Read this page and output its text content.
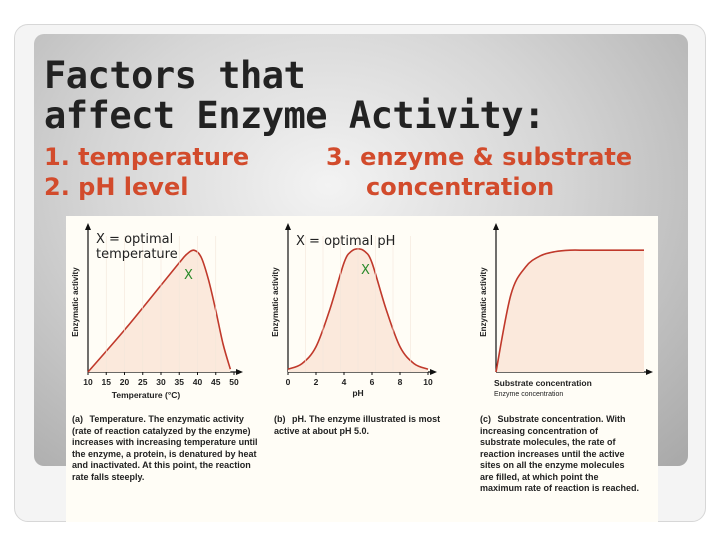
Factors that
affect Enzyme Activity:
1. temperature
2. pH level
3. enzyme & substrate
concentration
Enzymatic activity
10 15 20 25 30 35 40 45 50
Temperature (°C)
X = optimal
temperature
X
(a) Temperature. The enzymatic activity (rate of reaction catalyzed by the enzyme) increases with increasing temperature until the enzyme, a protein, is denatured by heat and inactivated. At this point, the reaction rate falls steeply.
Enzymatic activity
0	2	4	6	8 10
pH
X = optimal pH
X
(b) pH. The enzyme illustrated is most active at about pH 5.0.
Enzymatic activity
Substrate concentration
Enzyme concentration
(c) Substrate concentration. With increasing concentration of substrate molecules, the rate of reaction increases until the active sites on all the enzyme molecules are filled, at which point the maximum rate of reaction is reached.
